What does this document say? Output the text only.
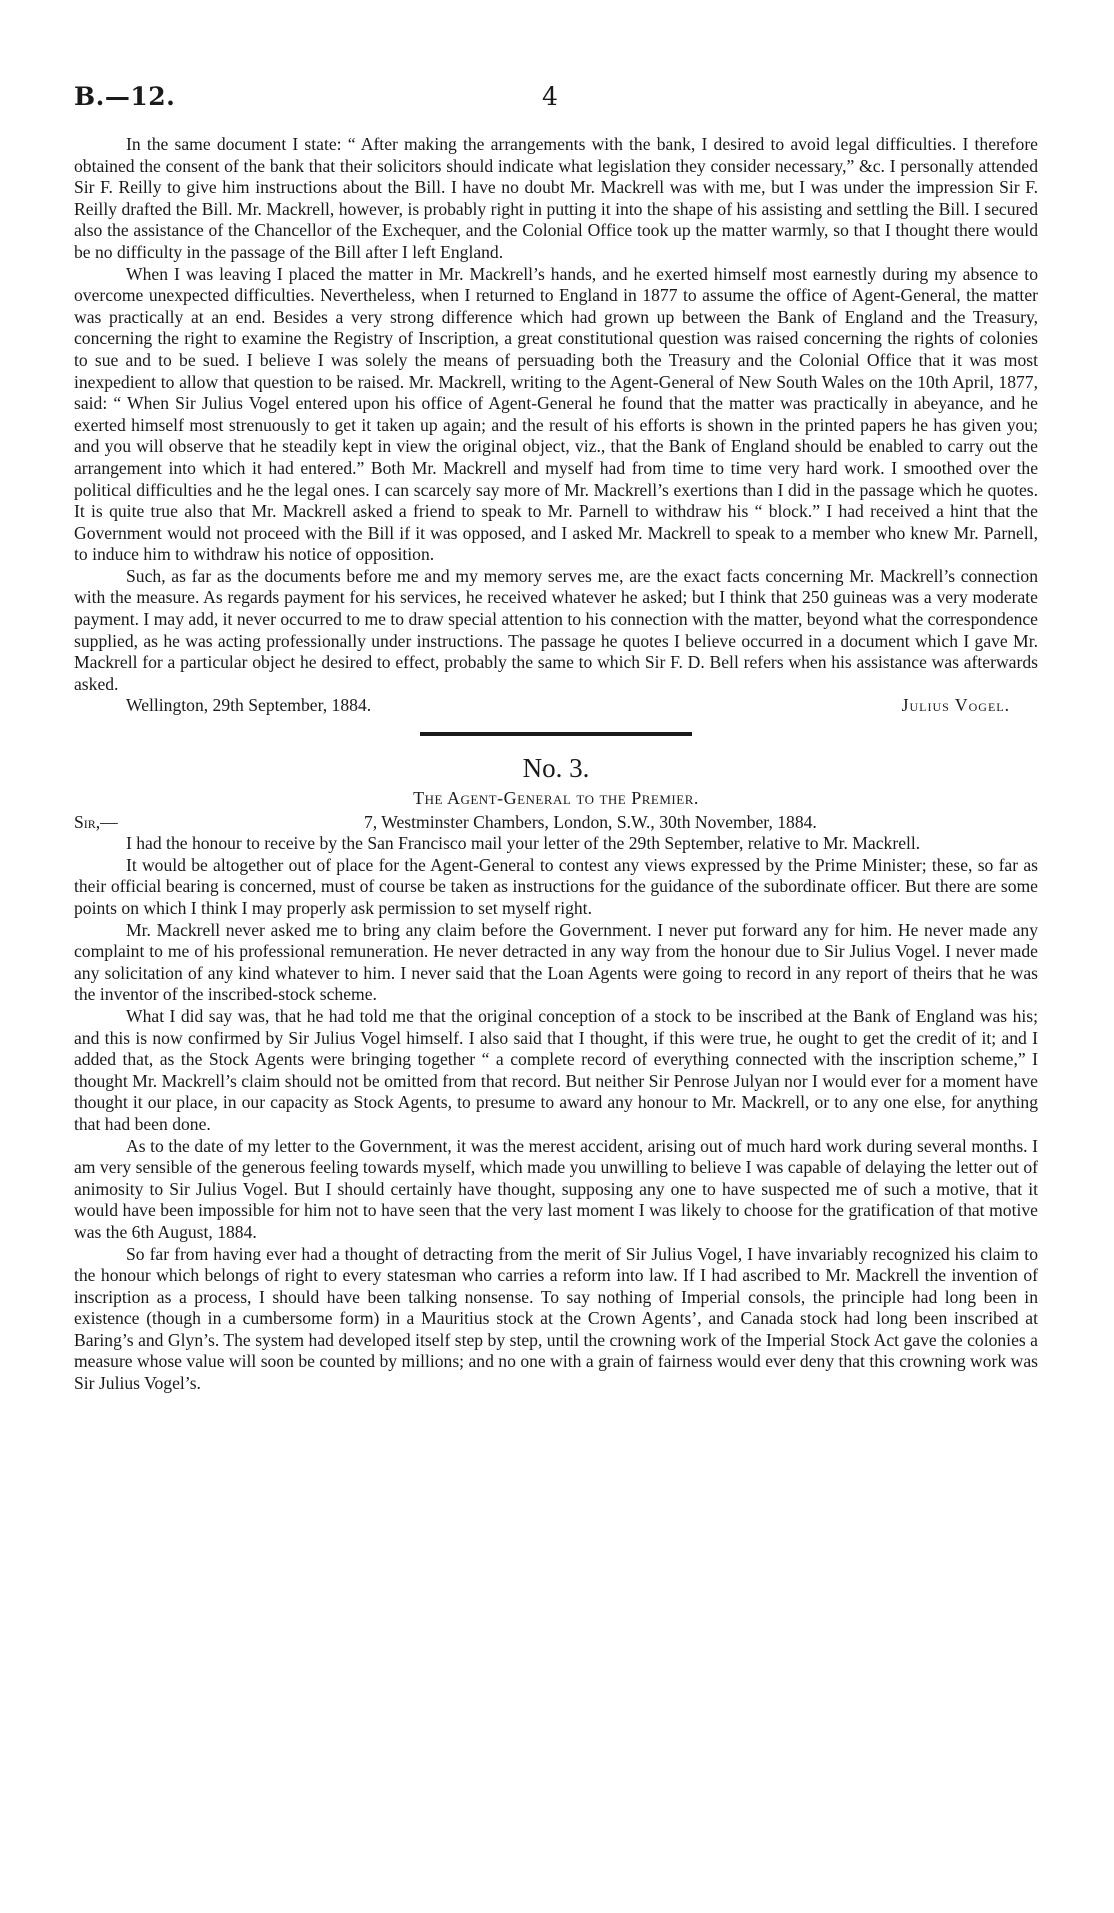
B.—12.	4

In the same document I state: “ After making the arrangements with the bank, I desired to avoid legal difficulties. I therefore obtained the consent of the bank that their solicitors should indicate what legislation they consider necessary,” &c. I personally attended Sir F. Reilly to give him instructions about the Bill. I have no doubt Mr. Mackrell was with me, but I was under the impression Sir F. Reilly drafted the Bill. Mr. Mackrell, however, is probably right in putting it into the shape of his assisting and settling the Bill. I secured also the assistance of the Chancellor of the Exchequer, and the Colonial Office took up the matter warmly, so that I thought there would be no difficulty in the passage of the Bill after I left England.

When I was leaving I placed the matter in Mr. Mackrell’s hands, and he exerted himself most earnestly during my absence to overcome unexpected difficulties. Nevertheless, when I returned to England in 1877 to assume the office of Agent-General, the matter was practically at an end. Besides a very strong difference which had grown up between the Bank of England and the Treasury, concerning the right to examine the Registry of Inscription, a great constitutional question was raised concerning the rights of colonies to sue and to be sued. I believe I was solely the means of persuading both the Treasury and the Colonial Office that it was most inexpedient to allow that question to be raised. Mr. Mackrell, writing to the Agent-General of New South Wales on the 10th April, 1877, said: “ When Sir Julius Vogel entered upon his office of Agent-General he found that the matter was practically in abeyance, and he exerted himself most strenuously to get it taken up again; and the result of his efforts is shown in the printed papers he has given you; and you will observe that he steadily kept in view the original object, viz., that the Bank of England should be enabled to carry out the arrangement into which it had entered.” Both Mr. Mackrell and myself had from time to time very hard work. I smoothed over the political difficulties and he the legal ones. I can scarcely say more of Mr. Mackrell’s exertions than I did in the passage which he quotes. It is quite true also that Mr. Mackrell asked a friend to speak to Mr. Parnell to withdraw his “ block.” I had received a hint that the Government would not proceed with the Bill if it was opposed, and I asked Mr. Mackrell to speak to a member who knew Mr. Parnell, to induce him to withdraw his notice of opposition.

Such, as far as the documents before me and my memory serves me, are the exact facts concerning Mr. Mackrell’s connection with the measure. As regards payment for his services, he received whatever he asked; but I think that 250 guineas was a very moderate payment. I may add, it never occurred to me to draw special attention to his connection with the matter, beyond what the correspondence supplied, as he was acting professionally under instructions. The passage he quotes I believe occurred in a document which I gave Mr. Mackrell for a particular object he desired to effect, probably the same to which Sir F. D. Bell refers when his assistance was afterwards asked.

Wellington, 29th September, 1884.	Julius Vogel.
No. 3.
The Agent-General to the Premier.
Sir,—	7, Westminster Chambers, London, S.W., 30th November, 1884.

I had the honour to receive by the San Francisco mail your letter of the 29th September, relative to Mr. Mackrell.

It would be altogether out of place for the Agent-General to contest any views expressed by the Prime Minister; these, so far as their official bearing is concerned, must of course be taken as instructions for the guidance of the subordinate officer. But there are some points on which I think I may properly ask permission to set myself right.

Mr. Mackrell never asked me to bring any claim before the Government. I never put forward any for him. He never made any complaint to me of his professional remuneration. He never detracted in any way from the honour due to Sir Julius Vogel. I never made any solicitation of any kind whatever to him. I never said that the Loan Agents were going to record in any report of theirs that he was the inventor of the inscribed-stock scheme.

What I did say was, that he had told me that the original conception of a stock to be inscribed at the Bank of England was his; and this is now confirmed by Sir Julius Vogel himself. I also said that I thought, if this were true, he ought to get the credit of it; and I added that, as the Stock Agents were bringing together “ a complete record of everything connected with the inscription scheme,” I thought Mr. Mackrell’s claim should not be omitted from that record. But neither Sir Penrose Julyan nor I would ever for a moment have thought it our place, in our capacity as Stock Agents, to presume to award any honour to Mr. Mackrell, or to any one else, for anything that had been done.

As to the date of my letter to the Government, it was the merest accident, arising out of much hard work during several months. I am very sensible of the generous feeling towards myself, which made you unwilling to believe I was capable of delaying the letter out of animosity to Sir Julius Vogel. But I should certainly have thought, supposing any one to have suspected me of such a motive, that it would have been impossible for him not to have seen that the very last moment I was likely to choose for the gratification of that motive was the 6th August, 1884.

So far from having ever had a thought of detracting from the merit of Sir Julius Vogel, I have invariably recognized his claim to the honour which belongs of right to every statesman who carries a reform into law. If I had ascribed to Mr. Mackrell the invention of inscription as a process, I should have been talking nonsense. To say nothing of Imperial consols, the principle had long been in existence (though in a cumbersome form) in a Mauritius stock at the Crown Agents’, and Canada stock had long been inscribed at Baring’s and Glyn’s. The system had developed itself step by step, until the crowning work of the Imperial Stock Act gave the colonies a measure whose value will soon be counted by millions; and no one with a grain of fairness would ever deny that this crowning work was Sir Julius Vogel’s.
